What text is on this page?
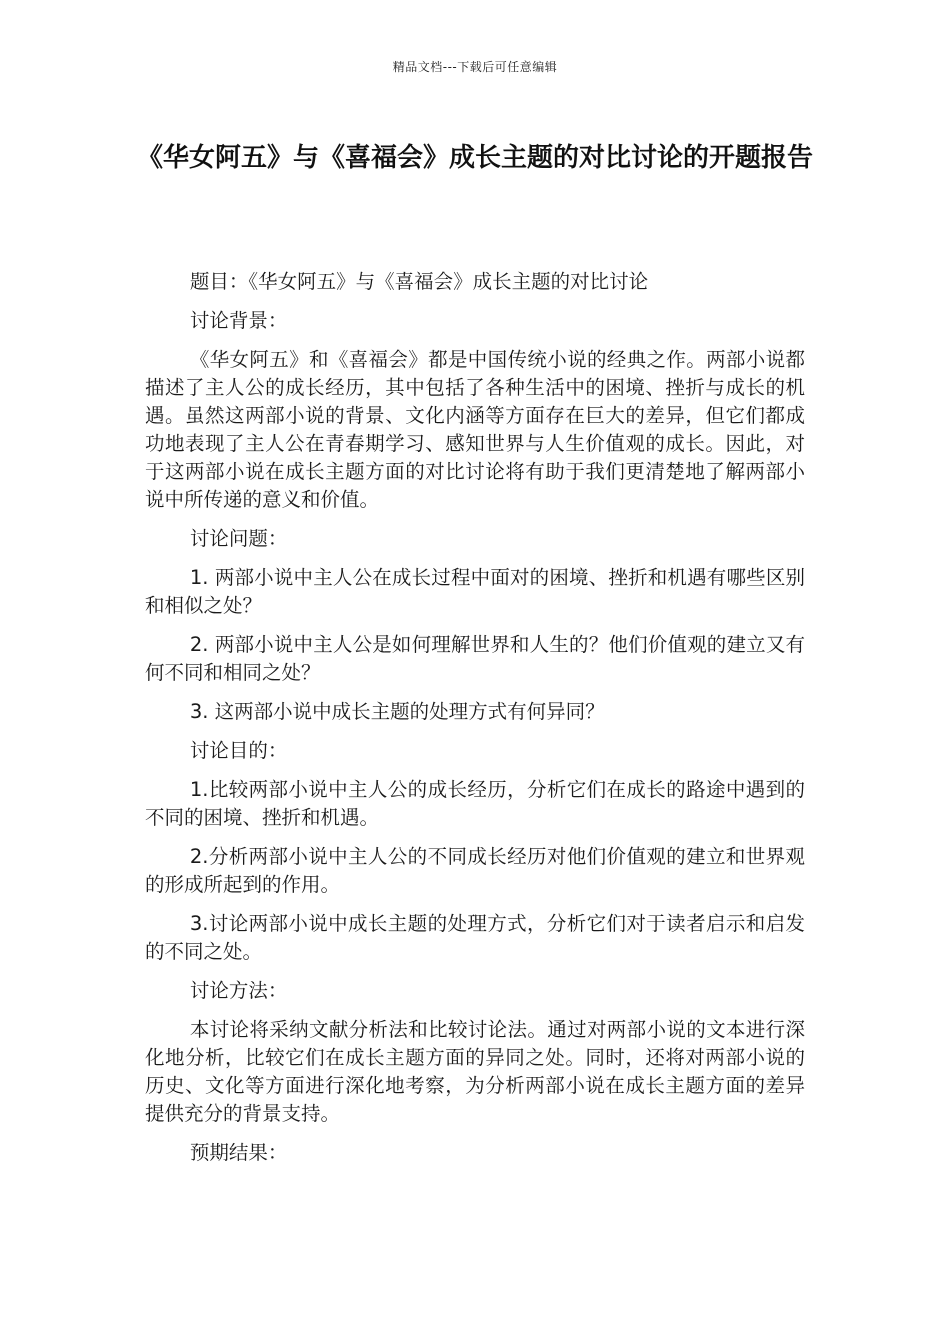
精品文档---下载后可任意编辑
《华女阿五》与《喜福会》成长主题的对比讨论的开题报告

题目：《华女阿五》与《喜福会》成长主题的对比讨论

讨论背景：

《华女阿五》和《喜福会》都是中国传统小说的经典之作。两部小说都描述了主人公的成长经历，其中包括了各种生活中的困境、挫折与成长的机遇。虽然这两部小说的背景、文化内涵等方面存在巨大的差异，但它们都成功地表现了主人公在青春期学习、感知世界与人生价值观的成长。因此，对于这两部小说在成长主题方面的对比讨论将有助于我们更清楚地了解两部小说中所传递的意义和价值。

讨论问题：

1. 两部小说中主人公在成长过程中面对的困境、挫折和机遇有哪些区别和相似之处？

2. 两部小说中主人公是如何理解世界和人生的？他们价值观的建立又有何不同和相同之处？

3. 这两部小说中成长主题的处理方式有何异同？

讨论目的：

1.比较两部小说中主人公的成长经历，分析它们在成长的路途中遇到的不同的困境、挫折和机遇。

2.分析两部小说中主人公的不同成长经历对他们价值观的建立和世界观的形成所起到的作用。

3.讨论两部小说中成长主题的处理方式，分析它们对于读者启示和启发的不同之处。

讨论方法：

本讨论将采纳文献分析法和比较讨论法。通过对两部小说的文本进行深化地分析，比较它们在成长主题方面的异同之处。同时，还将对两部小说的历史、文化等方面进行深化地考察，为分析两部小说在成长主题方面的差异提供充分的背景支持。

预期结果：
